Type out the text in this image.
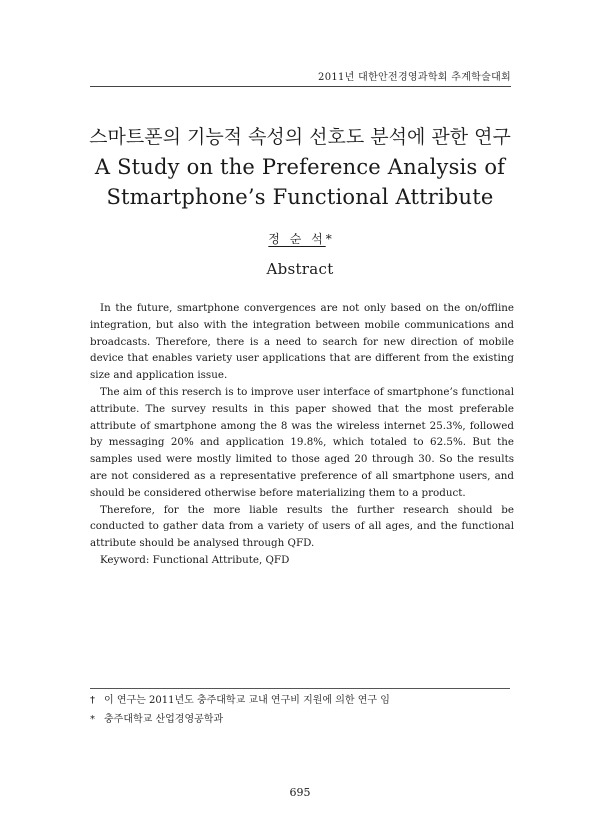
2011년 대한안전경영과학회 추계학술대회
스마트폰의 기능적 속성의 선호도 분석에 관한 연구
A Study on the Preference Analysis of
Stmartphone’s Functional Attribute
정 순 석*
Abstract

In the future, smartphone convergences are not only based on the on/offline integration, but also with the integration between mobile communications and broadcasts. Therefore, there is a need to search for new direction of mobile device that enables variety user applications that are different from the existing size and application issue.

The aim of this reserch is to improve user interface of smartphone’s functional attribute. The survey results in this paper showed that the most preferable attribute of smartphone among the 8 was the wireless internet 25.3%, followed by messaging 20% and application 19.8%, which totaled to 62.5%. But the samples used were mostly limited to those aged 20 through 30. So the results are not considered as a representative preference of all smartphone users, and should be considered otherwise before materializing them to a product.

Therefore, for the more liable results the further research should be conducted to gather data from a variety of users of all ages, and the functional attribute should be analysed through QFD.

Keyword: Functional Attribute, QFD

† 이 연구는 2011년도 충주대학교 교내 연구비 지원에 의한 연구 임

* 충주대학교 산업경영공학과

695
